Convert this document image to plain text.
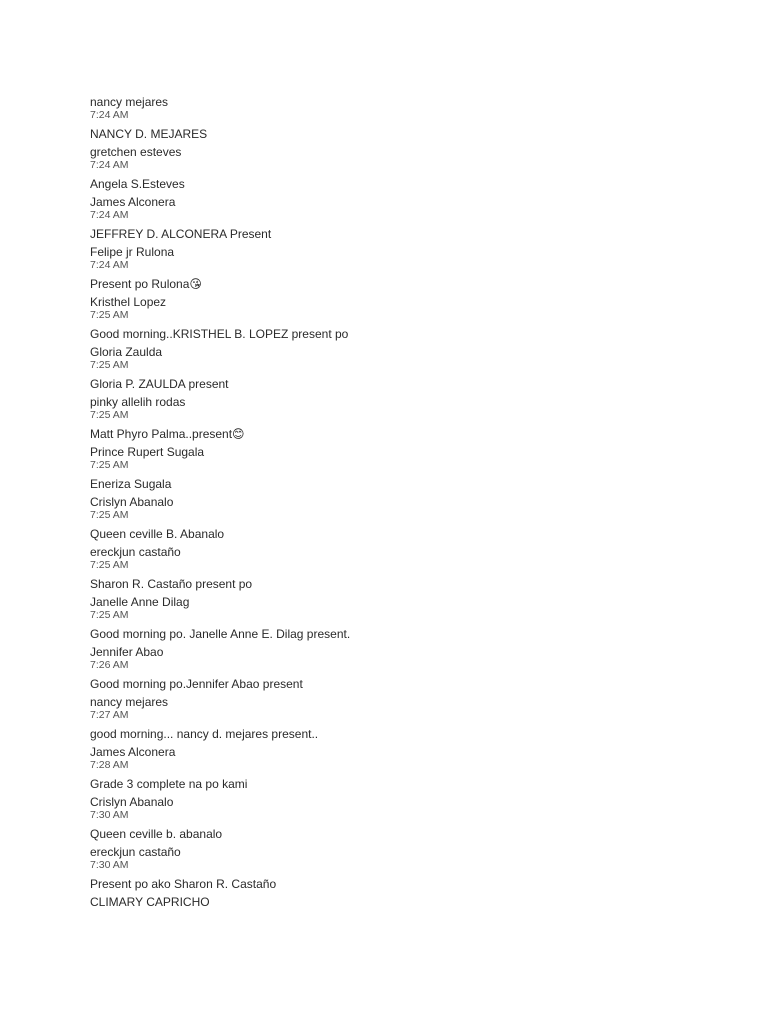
nancy mejares
7:24 AM
NANCY D. MEJARES
gretchen esteves
7:24 AM
Angela S.Esteves
James Alconera
7:24 AM
JEFFREY D. ALCONERA Present
Felipe jr Rulona
7:24 AM
Present po Rulona😘
Kristhel Lopez
7:25 AM
Good morning..KRISTHEL B. LOPEZ present po
Gloria Zaulda
7:25 AM
Gloria P. ZAULDA present
pinky allelih rodas
7:25 AM
Matt Phyro Palma..present😊
Prince Rupert Sugala
7:25 AM
Eneriza Sugala
Crislyn Abanalo
7:25 AM
Queen ceville B. Abanalo
ereckjun castaño
7:25 AM
Sharon R. Castaño present po
Janelle Anne Dilag
7:25 AM
Good morning po. Janelle Anne E. Dilag present.
Jennifer Abao
7:26 AM
Good morning po.Jennifer Abao present
nancy mejares
7:27 AM
good morning... nancy d. mejares present..
James Alconera
7:28 AM
Grade 3 complete na po kami
Crislyn Abanalo
7:30 AM
Queen ceville b. abanalo
ereckjun castaño
7:30 AM
Present po ako Sharon R. Castaño
CLIMARY CAPRICHO
